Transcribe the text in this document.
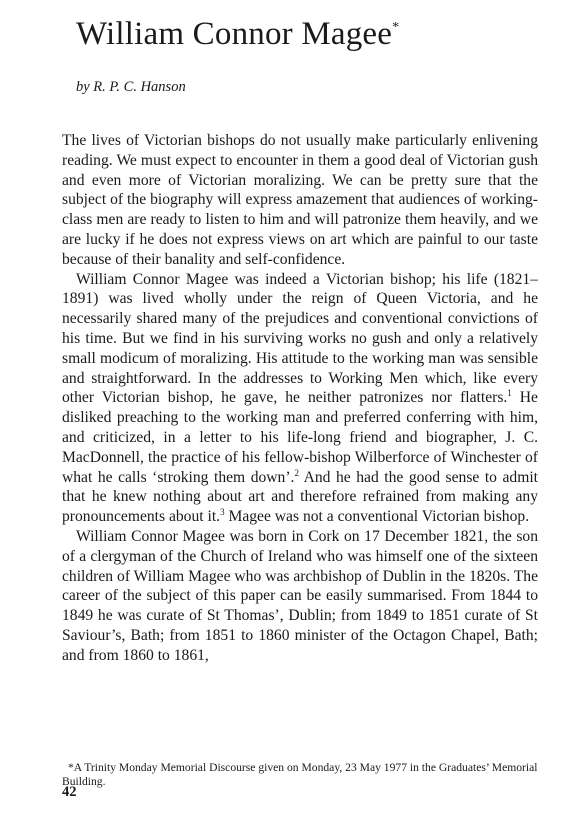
William Connor Magee*

by R. P. C. Hanson

The lives of Victorian bishops do not usually make particularly enlivening reading. We must expect to encounter in them a good deal of Victorian gush and even more of Victorian moralizing. We can be pretty sure that the subject of the biography will express amazement that audiences of working-class men are ready to listen to him and will patronize them heavily, and we are lucky if he does not express views on art which are painful to our taste because of their banality and self-confidence.

William Connor Magee was indeed a Victorian bishop; his life (1821–1891) was lived wholly under the reign of Queen Victoria, and he necessarily shared many of the prejudices and conventional convictions of his time. But we find in his surviving works no gush and only a relatively small modicum of moralizing. His attitude to the working man was sensible and straightforward. In the addresses to Working Men which, like every other Victorian bishop, he gave, he neither patronizes nor flatters.$^1$ He disliked preaching to the working man and preferred conferring with him, and criticized, in a letter to his life-long friend and biographer, J. C. MacDonnell, the practice of his fellow-bishop Wilberforce of Winchester of what he calls ‘stroking them down’.$^2$ And he had the good sense to admit that he knew nothing about art and therefore refrained from making any pronouncements about it.$^3$ Magee was not a conventional Victorian bishop.

William Connor Magee was born in Cork on 17 December 1821, the son of a clergyman of the Church of Ireland who was himself one of the sixteen children of William Magee who was archbishop of Dublin in the 1820s. The career of the subject of this paper can be easily summarised. From 1844 to 1849 he was curate of St Thomas’, Dublin; from 1849 to 1851 curate of St Saviour’s, Bath; from 1851 to 1860 minister of the Octagon Chapel, Bath; and from 1860 to 1861,

*A Trinity Monday Memorial Discourse given on Monday, 23 May 1977 in the Graduates’ Memorial Building.

42
